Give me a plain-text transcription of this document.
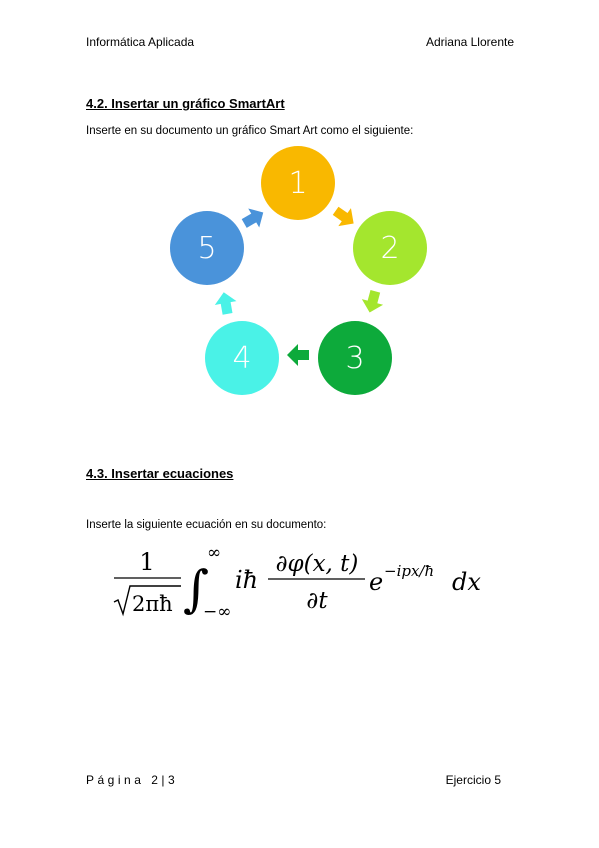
Informática Aplicada	Adriana Llorente
4.2. Insertar un gráfico SmartArt
Inserte en su documento un gráfico Smart Art como el siguiente:
1
2
3
4
5
4.3. Insertar ecuaciones
Inserte la siguiente ecuación en su documento:
1
2πħ ∫
∞
−∞
iħ
∂φ(x, t)
∂t
e −ipx/ħ dx
Página 2|3	Ejercicio 5
